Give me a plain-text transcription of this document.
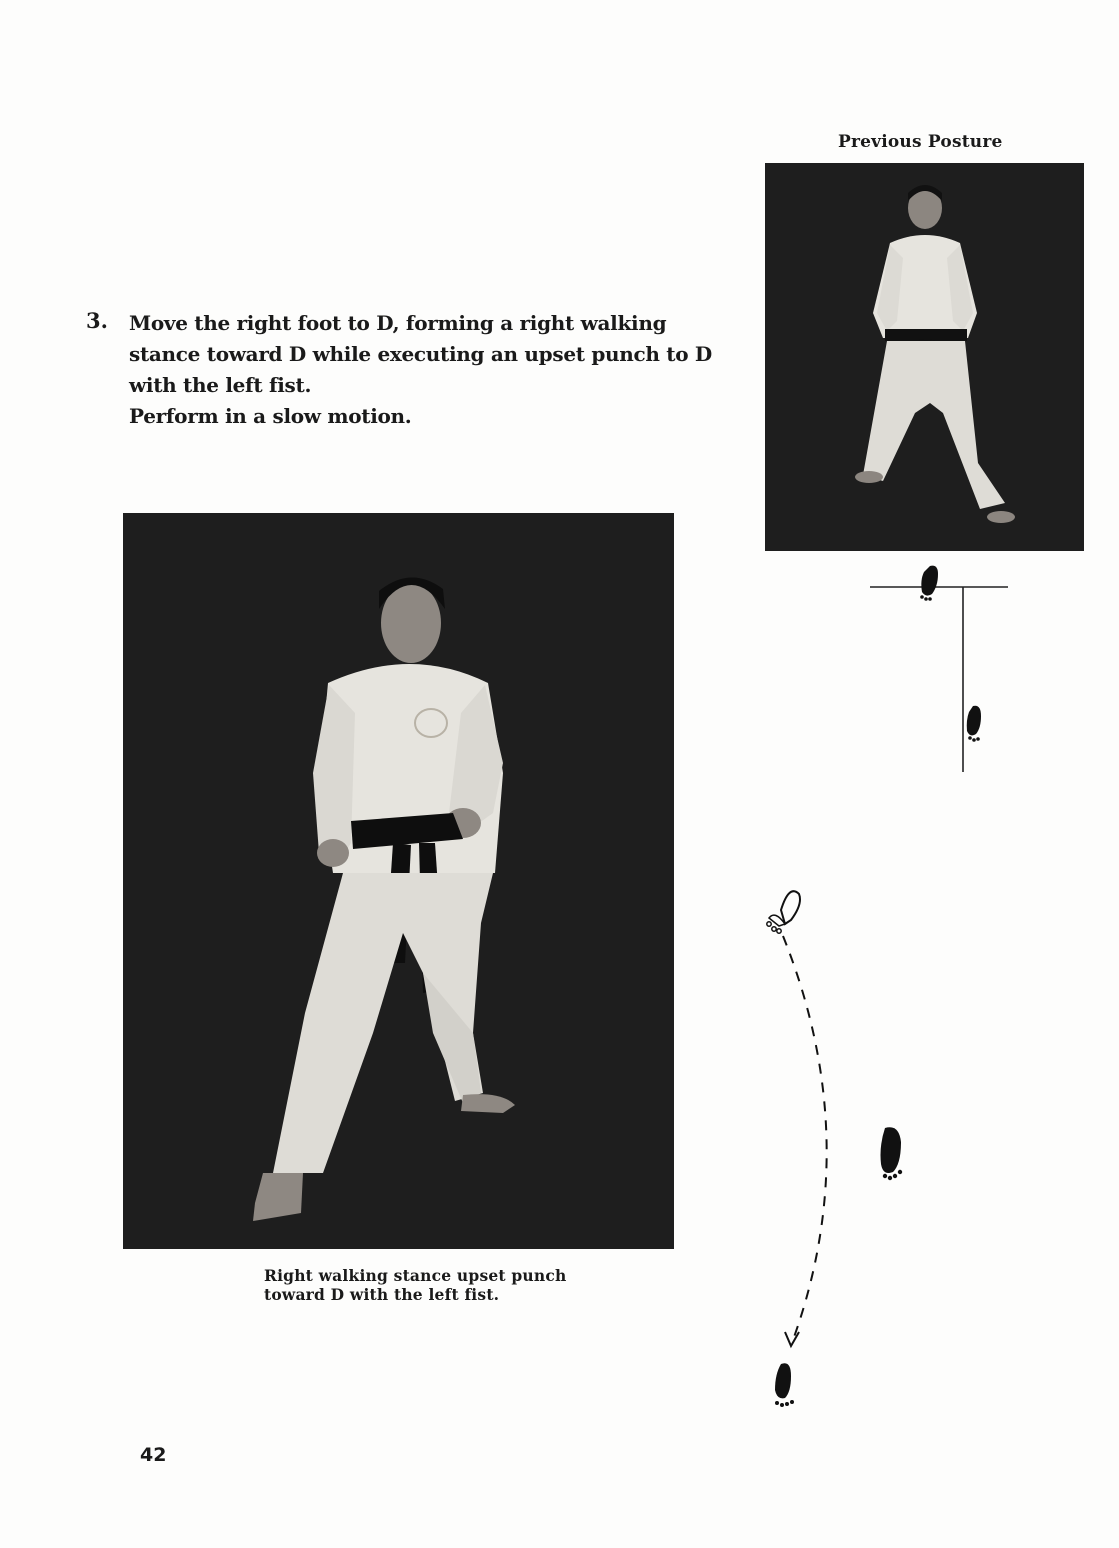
Previous Posture
3. Move the right foot to D, forming a right walking

stance toward D while executing an upset punch to D

with the left fist.

Perform in a slow motion.

Right walking stance upset punch

toward D with the left fist.

42
